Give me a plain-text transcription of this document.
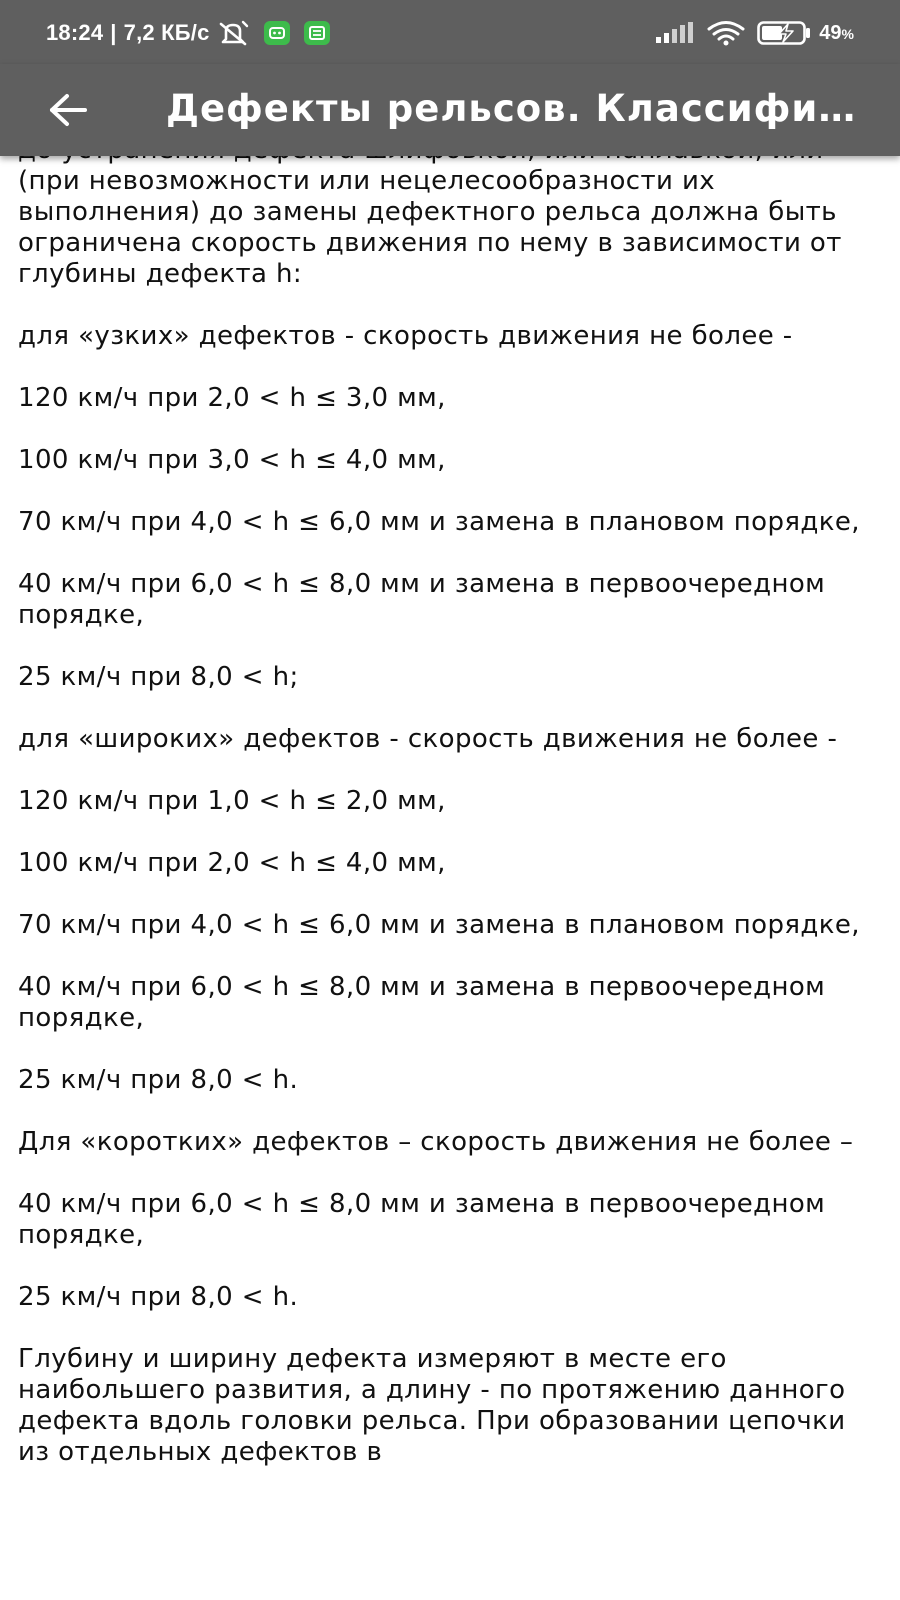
18:24 | 7,2 КБ/с	49%
Дефекты рельсов. Классифи…

(при невозможности или нецелесообразности их выполнения) до замены дефектного рельса должна быть ограничена скорость движения по нему в зависимости от глубины дефекта h:

для «узких» дефектов - скорость движения не более -

120 км/ч при 2,0 < h ≤ 3,0 мм,

100 км/ч при 3,0 < h ≤ 4,0 мм,

70 км/ч при 4,0 < h ≤ 6,0 мм и замена в плановом порядке,

40 км/ч при 6,0 < h ≤ 8,0 мм и замена в первоочередном порядке,

25 км/ч при 8,0 < h;

для «широких» дефектов - скорость движения не более -

120 км/ч при 1,0 < h ≤ 2,0 мм,

100 км/ч при 2,0 < h ≤ 4,0 мм,

70 км/ч при 4,0 < h ≤ 6,0 мм и замена в плановом порядке,

40 км/ч при 6,0 < h ≤ 8,0 мм и замена в первоочередном порядке,

25 км/ч при 8,0 < h.

Для «коротких» дефектов – скорость движения не более –

40 км/ч при 6,0 < h ≤ 8,0 мм и замена в первоочередном порядке,

25 км/ч при 8,0 < h.

Глубину и ширину дефекта измеряют в месте его наибольшего развития, а длину - по протяжению данного дефекта вдоль головки рельса. При образовании цепочки из отдельных дефектов в
